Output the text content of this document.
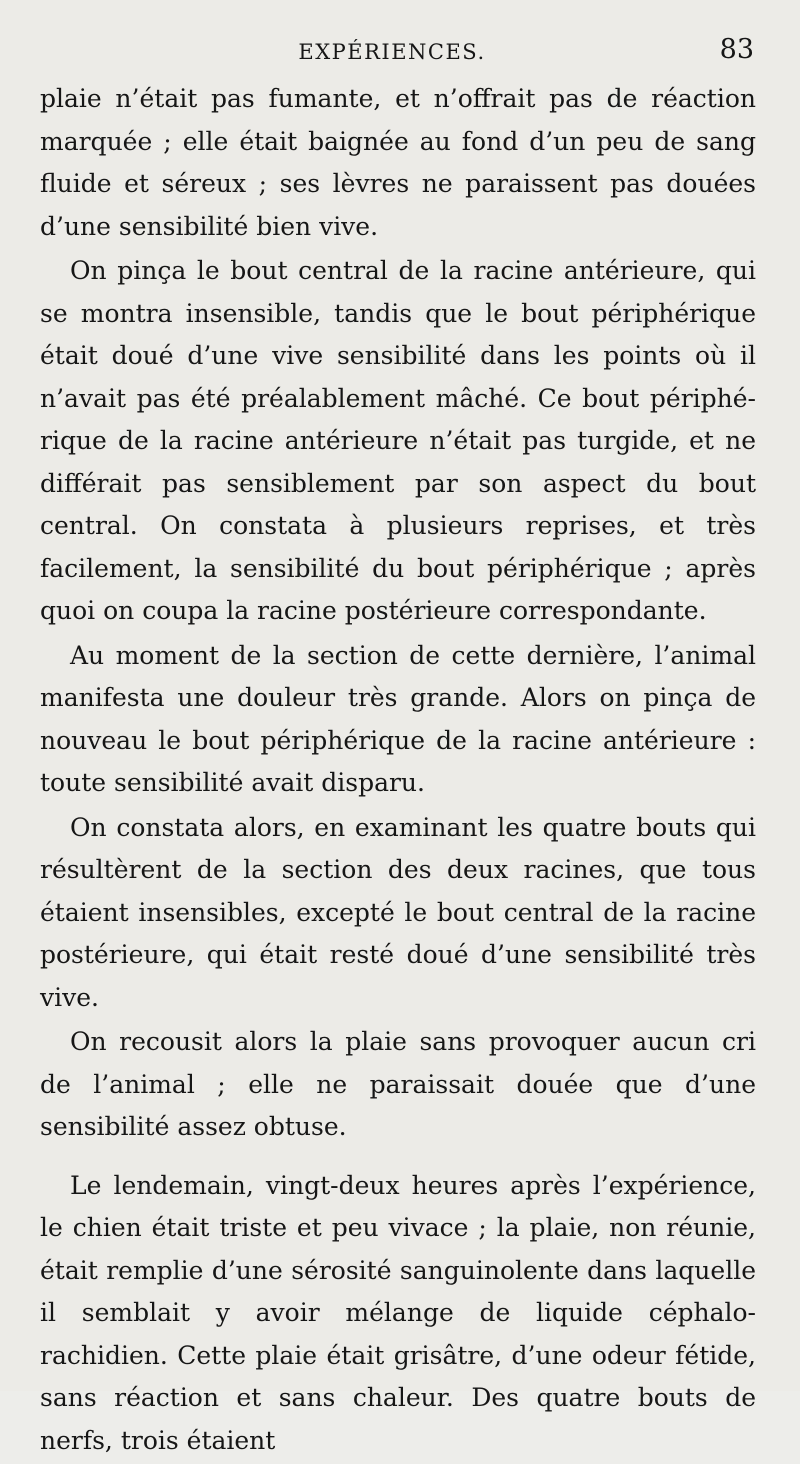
EXPÉRIENCES.	83

plaie n’était pas fumante, et n’offrait pas de réaction marquée ; elle était baignée au fond d’un peu de sang fluide et séreux ; ses lèvres ne paraissent pas douées d’une sensibilité bien vive.

On pinça le bout central de la racine antérieure, qui se montra insensible, tandis que le bout périphérique était doué d’une vive sensibilité dans les points où il n’avait pas été préalablement mâché. Ce bout périphérique de la racine antérieure n’était pas turgide, et ne différait pas sensiblement par son aspect du bout central. On constata à plusieurs reprises, et très facilement, la sensibilité du bout périphérique ; après quoi on coupa la racine postérieure correspondante.

Au moment de la section de cette dernière, l’animal manifesta une douleur très grande. Alors on pinça de nouveau le bout périphérique de la racine antérieure : toute sensibilité avait disparu.

On constata alors, en examinant les quatre bouts qui résultèrent de la section des deux racines, que tous étaient insensibles, excepté le bout central de la racine postérieure, qui était resté doué d’une sensibilité très vive.

On recousit alors la plaie sans provoquer aucun cri de l’animal ; elle ne paraissait douée que d’une sensibilité assez obtuse.

Le lendemain, vingt-deux heures après l’expérience, le chien était triste et peu vivace ; la plaie, non réunie, était remplie d’une sérosité sanguinolente dans laquelle il semblait y avoir mélange de liquide céphalo-rachidien. Cette plaie était grisâtre, d’une odeur fétide, sans réaction et sans chaleur. Des quatre bouts de nerfs, trois étaient
